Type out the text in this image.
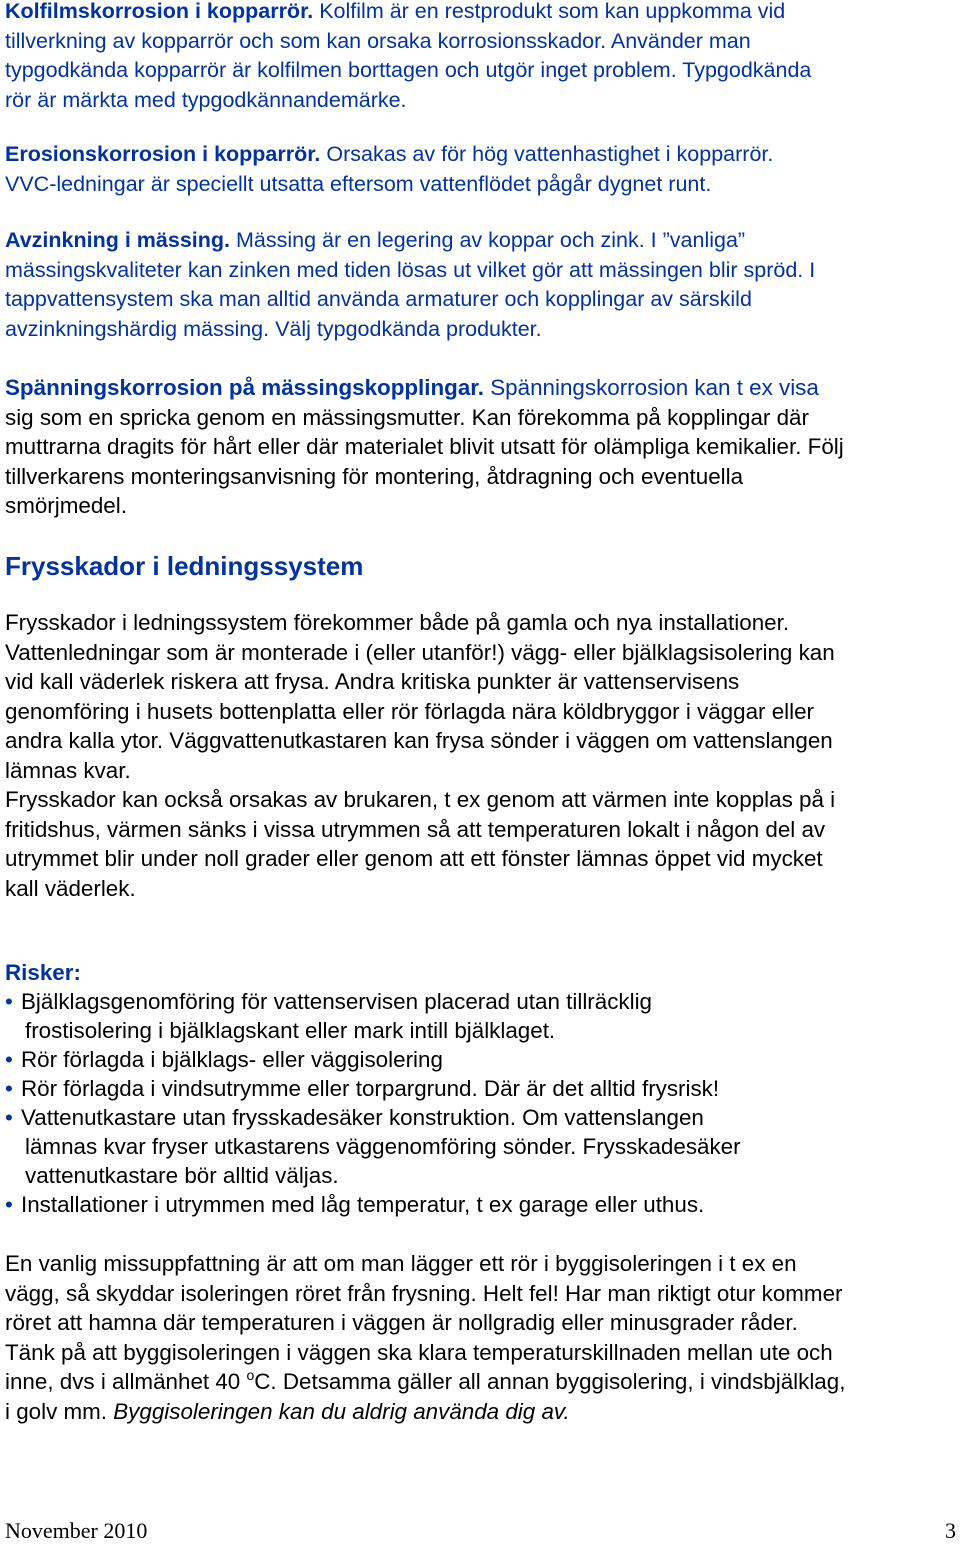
Kolfilmskorrosion i kopparrör. Kolfilm är en restprodukt som kan uppkomma vid
tillverkning av kopparrör och som kan orsaka korrosionsskador. Använder man
typgodkända kopparrör är kolfilmen borttagen och utgör inget problem. Typgodkända
rör är märkta med typgodkännandemärke.

Erosionskorrosion i kopparrör. Orsakas av för hög vattenhastighet i kopparrör.
VVC-ledningar är speciellt utsatta eftersom vattenflödet pågår dygnet runt.

Avzinkning i mässing. Mässing är en legering av koppar och zink. I ”vanliga”
mässingskvaliteter kan zinken med tiden lösas ut vilket gör att mässingen blir spröd. I
tappvattensystem ska man alltid använda armaturer och kopplingar av särskild
avzinkningshärdig mässing. Välj typgodkända produkter.

Spänningskorrosion på mässingskopplingar. Spänningskorrosion kan t ex visa
sig som en spricka genom en mässingsmutter. Kan förekomma på kopplingar där
muttrarna dragits för hårt eller där materialet blivit utsatt för olämpliga kemikalier. Följ
tillverkarens monteringsanvisning för montering, åtdragning och eventuella
smörjmedel.

Frysskador i ledningssystem

Frysskador i ledningssystem förekommer både på gamla och nya installationer.
Vattenledningar som är monterade i (eller utanför!) vägg- eller bjälklagsisolering kan
vid kall väderlek riskera att frysa. Andra kritiska punkter är vattenservisens
genomföring i husets bottenplatta eller rör förlagda nära köldbryggor i väggar eller
andra kalla ytor. Väggvattenutkastaren kan frysa sönder i väggen om vattenslangen
lämnas kvar.
Frysskador kan också orsakas av brukaren, t ex genom att värmen inte kopplas på i
fritidshus, värmen sänks i vissa utrymmen så att temperaturen lokalt i någon del av
utrymmet blir under noll grader eller genom att ett fönster lämnas öppet vid mycket
kall väderlek.

Risker:

• Bjälklagsgenomföring för vattenservisen placerad utan tillräcklig
frostisolering i bjälklagskant eller mark intill bjälklaget.
• Rör förlagda i bjälklags- eller väggisolering
• Rör förlagda i vindsutrymme eller torpargrund. Där är det alltid frysrisk!
• Vattenutkastare utan frysskadesäker konstruktion. Om vattenslangen
lämnas kvar fryser utkastarens väggenomföring sönder. Frysskadesäker
vattenutkastare bör alltid väljas.
• Installationer i utrymmen med låg temperatur, t ex garage eller uthus.

En vanlig missuppfattning är att om man lägger ett rör i byggisoleringen i t ex en
vägg, så skyddar isoleringen röret från frysning. Helt fel! Har man riktigt otur kommer
röret att hamna där temperaturen i väggen är nollgradig eller minusgrader råder.
Tänk på att byggisoleringen i väggen ska klara temperaturskillnaden mellan ute och
inne, dvs i allmänhet 40 $^o$C. Detsamma gäller all annan byggisolering, i vindsbjälklag,
i golv mm. Byggisoleringen kan du aldrig använda dig av.

November 2010	3
